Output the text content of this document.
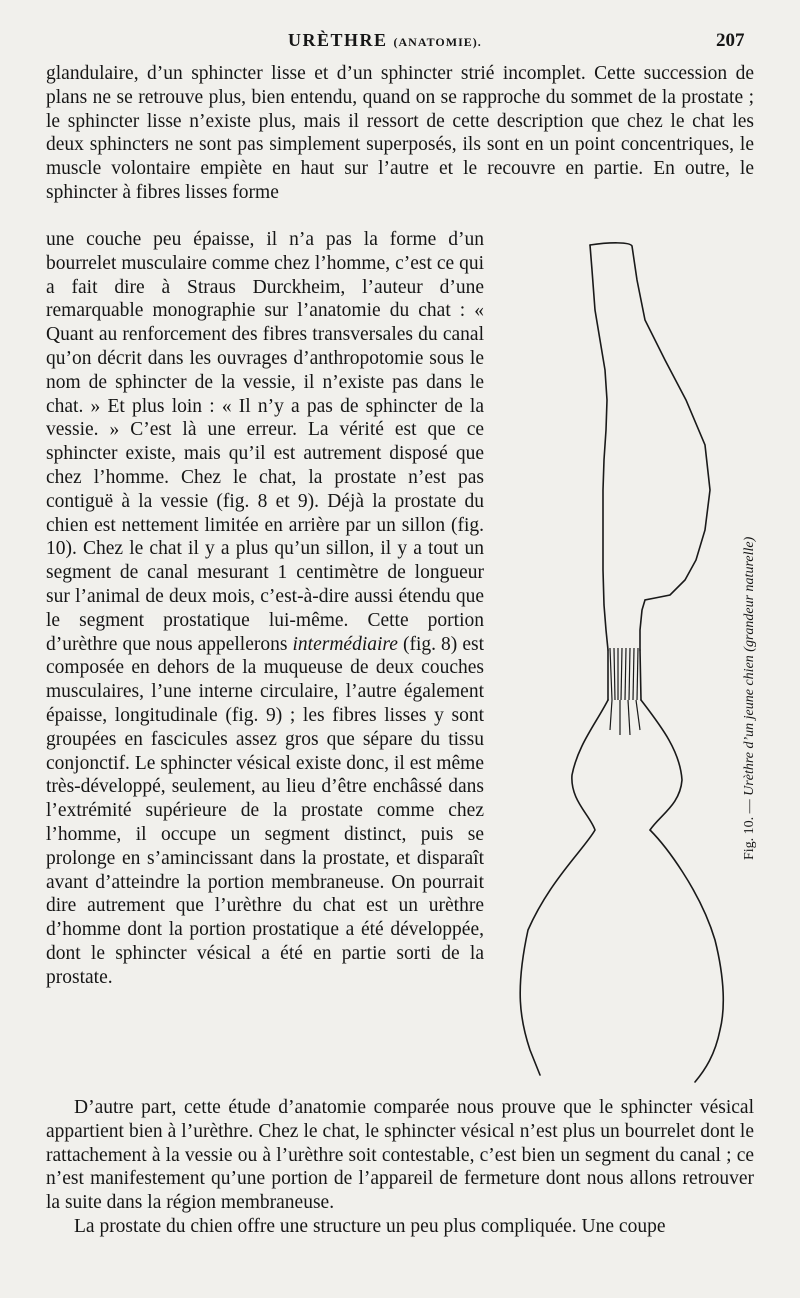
URÈTHRE (ANATOMIE).	207

glandulaire, d’un sphincter lisse et d’un sphincter strié incomplet. Cette succession de plans ne se retrouve plus, bien entendu, quand on se rapproche du sommet de la prostate ; le sphincter lisse n’existe plus, mais il ressort de cette description que chez le chat les deux sphincters ne sont pas simplement superposés, ils sont en un point concentriques, le muscle volontaire empiète en haut sur l’autre et le recouvre en partie. En outre, le sphincter à fibres lisses forme

une couche peu épaisse, il n’a pas la forme d’un bourrelet musculaire comme chez l’homme, c’est ce qui a fait dire à Straus Durckheim, l’auteur d’une remarquable monographie sur l’anatomie du chat : « Quant au renforcement des fibres transversales du canal qu’on décrit dans les ouvrages d’anthropotomie sous le nom de sphincter de la vessie, il n’existe pas dans le chat. » Et plus loin : « Il n’y a pas de sphincter de la vessie. » C’est là une erreur. La vérité est que ce sphincter existe, mais qu’il est autrement disposé que chez l’homme. Chez le chat, la prostate n’est pas contiguë à la vessie (fig. 8 et 9). Déjà la prostate du chien est nettement limitée en arrière par un sillon (fig. 10). Chez le chat il y a plus qu’un sillon, il y a tout un segment de canal mesurant 1 centimètre de longueur sur l’animal de deux mois, c’est-à-dire aussi étendu que le segment prostatique lui-même. Cette portion d’urèthre que nous appellerons intermédiaire (fig. 8) est composée en dehors de la muqueuse de deux couches musculaires, l’une interne circulaire, l’autre également épaisse, longitudinale (fig. 9) ; les fibres lisses y sont groupées en fascicules assez gros que sépare du tissu conjonctif. Le sphincter vésical existe donc, il est même très-développé, seulement, au lieu d’être enchâssé dans l’extrémité supérieure de la prostate comme chez l’homme, il occupe un segment distinct, puis se prolonge en s’amincissant dans la prostate, et disparaît avant d’atteindre la portion membraneuse. On pourrait dire autrement que l’urèthre du chat est un urèthre d’homme dont la portion prostatique a été développée, dont le sphincter vésical a été en partie sorti de la prostate.

D’autre part, cette étude d’anatomie comparée nous prouve que le sphincter vésical appartient bien à l’urèthre. Chez le chat, le sphincter vésical n’est plus un bourrelet dont le rattachement à la vessie ou à l’urèthre soit contestable, c’est bien un segment du canal ; ce n’est manifestement qu’une portion de l’appareil de fermeture dont nous allons retrouver la suite dans la région membraneuse.

La prostate du chien offre une structure un peu plus compliquée. Une coupe

Fig. 10. — Urèthre d’un jeune chien (grandeur naturelle)
